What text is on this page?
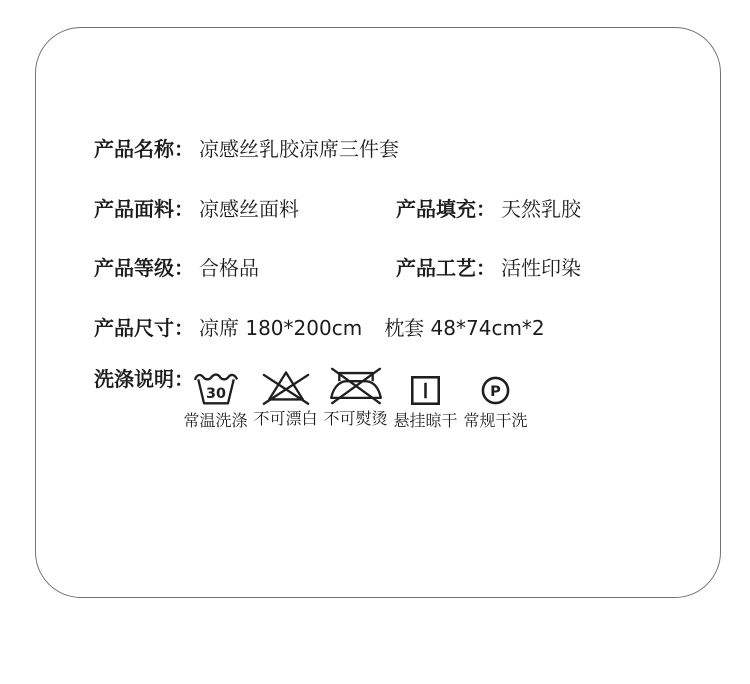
产品名称： 凉感丝乳胶凉席三件套
产品面料： 凉感丝面料	产品填充： 天然乳胶
产品等级： 合格品	产品工艺： 活性印染
产品尺寸： 凉席 180*200cm 枕套 48*74cm*2
洗涤说明：
30
常温洗涤 不可漂白 不可熨烫 悬挂晾干
P
常规干洗
